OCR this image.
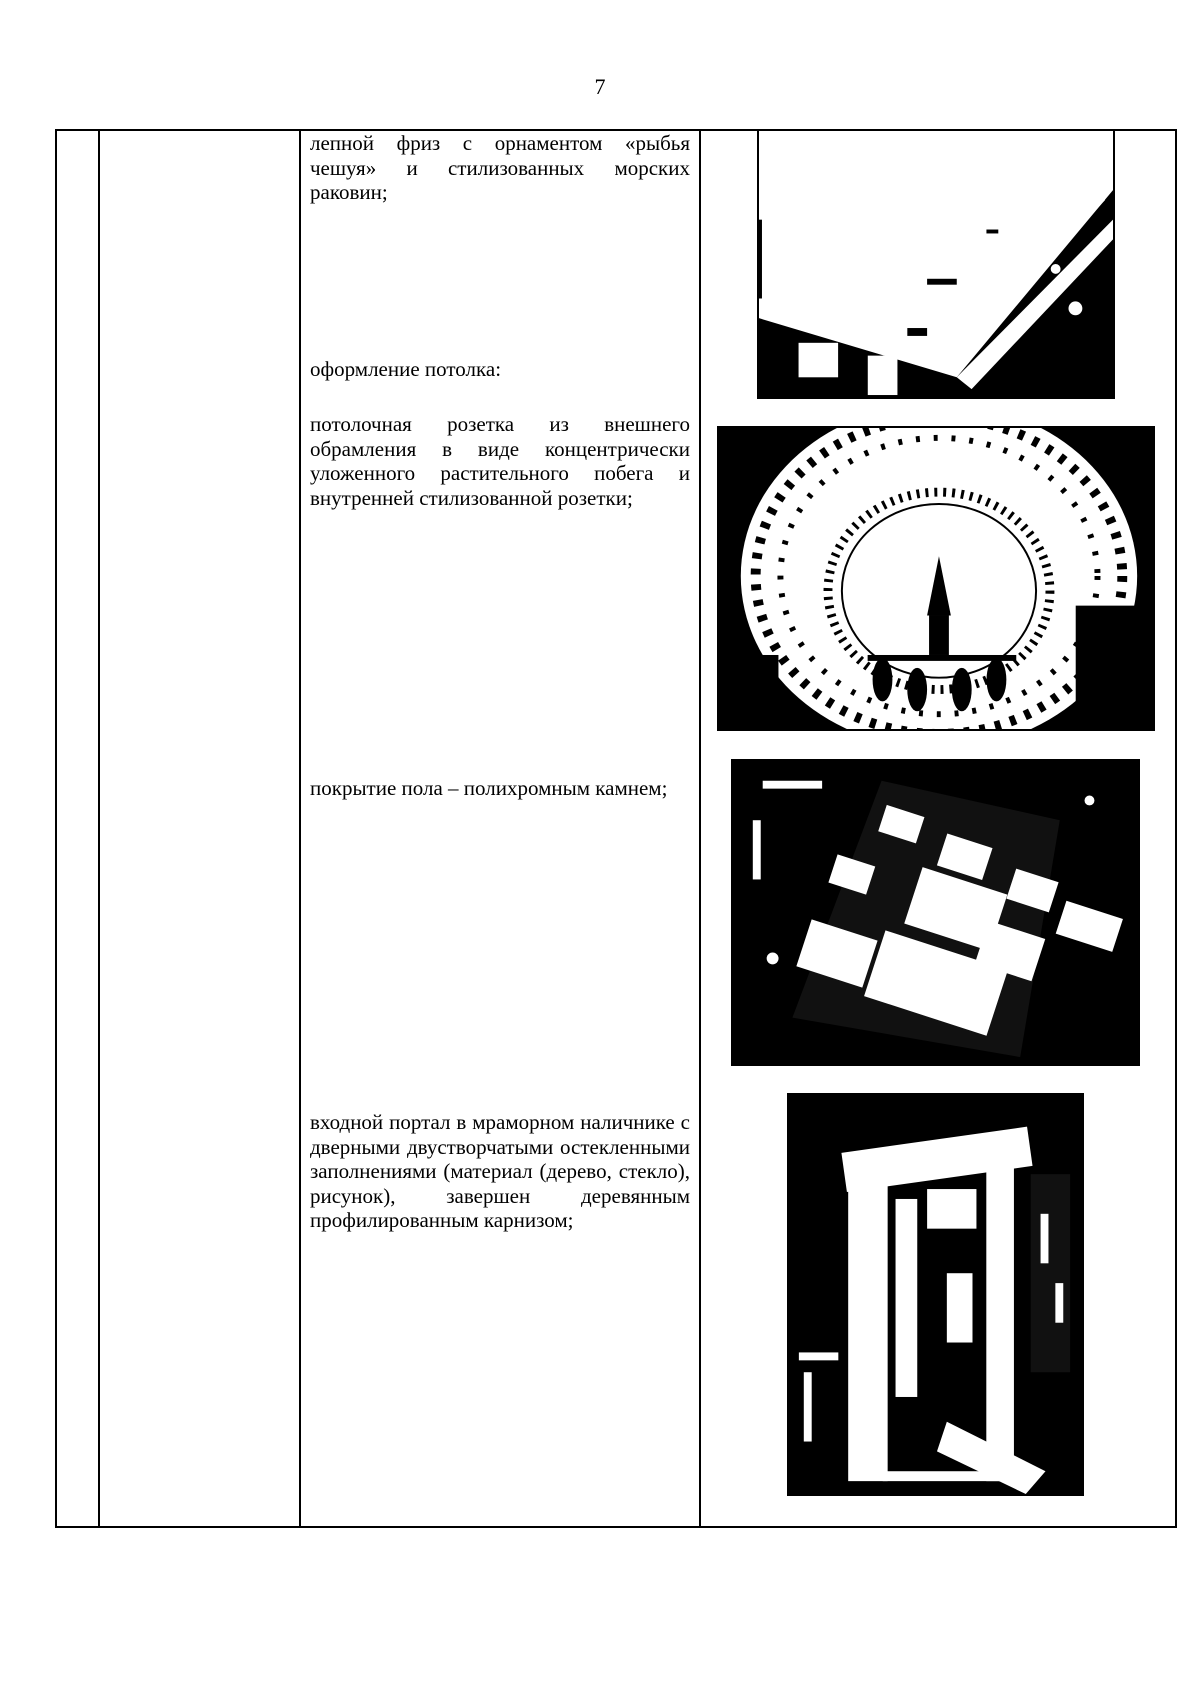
7
лепной фриз с орнаментом «рыбья чешуя» и стилизованных морских раковин;
оформление потолка:
потолочная розетка из внешнего обрамления в виде концентрически уложенного растительного побега и внутренней стилизованной розетки;
покрытие пола – полихромным камнем;
входной портал в мраморном наличнике с дверными двустворчатыми остекленными заполнениями (материал (дерево, стекло), рисунок), завершен деревянным профилированным карнизом;
